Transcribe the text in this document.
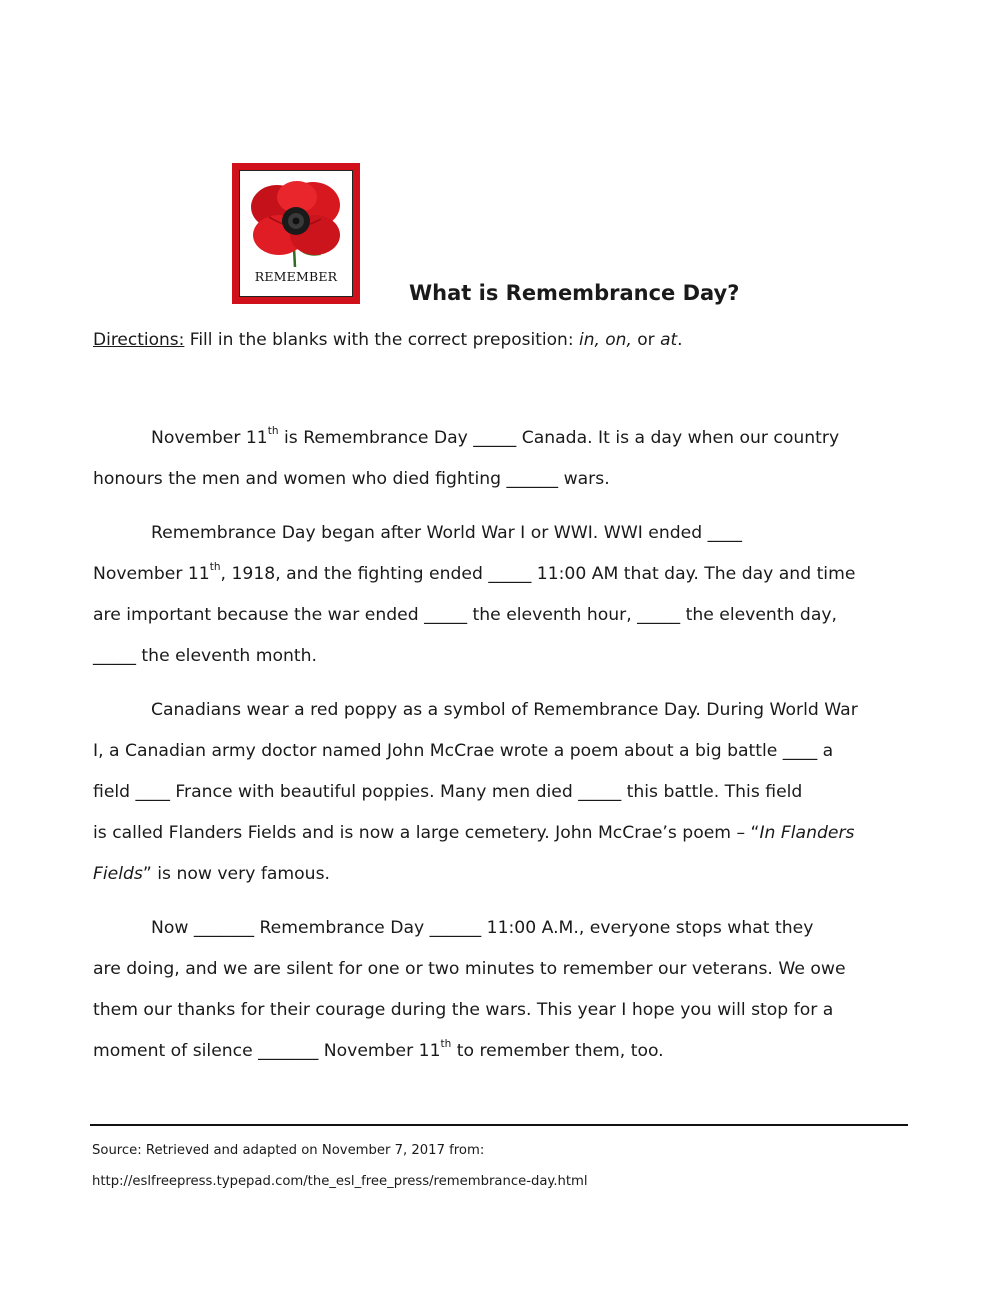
REMEMBER
What is Remembrance Day?

Directions: Fill in the blanks with the correct preposition: in, on, or at.

November 11th is Remembrance Day _____ Canada. It is a day when our country
honours the men and women who died fighting ______ wars.
Remembrance Day began after World War I or WWI. WWI ended ____
November 11th, 1918, and the fighting ended _____ 11:00 AM that day. The day and time
are important because the war ended _____ the eleventh hour, _____ the eleventh day,
_____ the eleventh month.
Canadians wear a red poppy as a symbol of Remembrance Day. During World War
I, a Canadian army doctor named John McCrae wrote a poem about a big battle ____ a
field ____ France with beautiful poppies. Many men died _____ this battle. This field
is called Flanders Fields and is now a large cemetery. John McCrae’s poem – “In Flanders
Fields” is now very famous.
Now _______ Remembrance Day ______ 11:00 A.M., everyone stops what they
are doing, and we are silent for one or two minutes to remember our veterans. We owe
them our thanks for their courage during the wars. This year I hope you will stop for a
moment of silence _______ November 11th to remember them, too.

Source: Retrieved and adapted on November 7, 2017 from:

http://eslfreepress.typepad.com/the_esl_free_press/remembrance-day.html
